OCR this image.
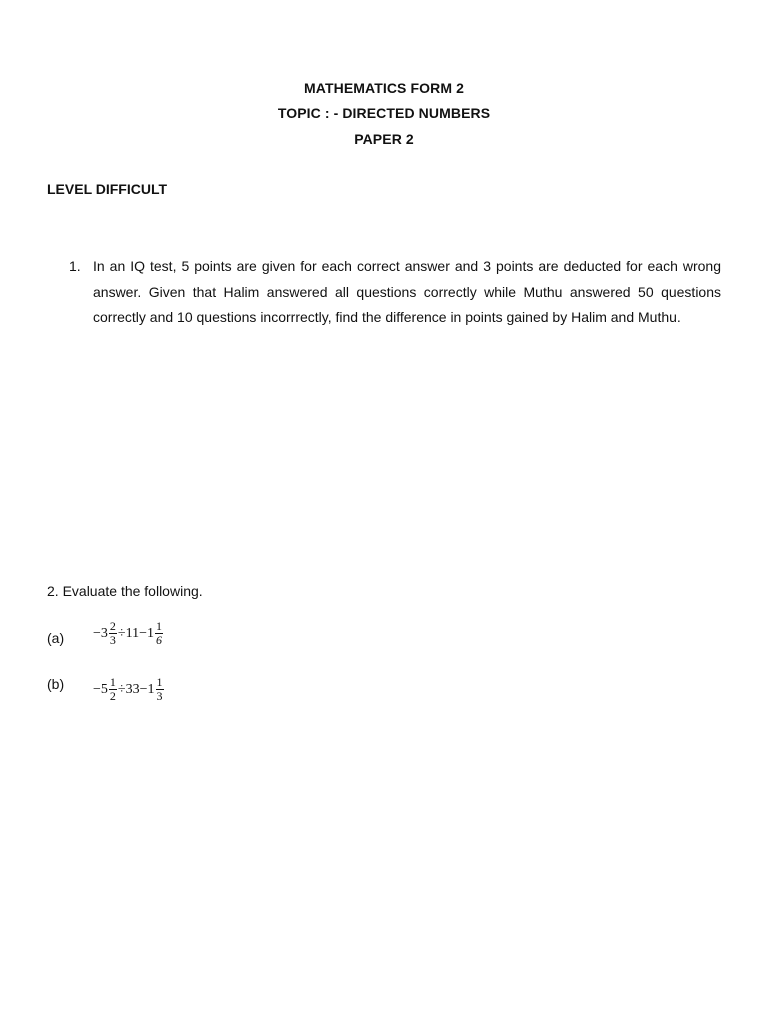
MATHEMATICS FORM 2
TOPIC : - DIRECTED NUMBERS
PAPER 2
LEVEL DIFFICULT
1. In an IQ test, 5 points are given for each correct answer and 3 points are deducted for each wrong answer. Given that Halim answered all questions correctly while Muthu answered 50 questions correctly and 10 questions incorrrectly, find the difference in points gained by Halim and Muthu.
2. Evaluate the following.
$(a) -3 \frac{2}{3} \div 11-1 \frac{1}{6}$
$(b) -5 \frac{1}{2} \div 33-1 \frac{1}{3}$
